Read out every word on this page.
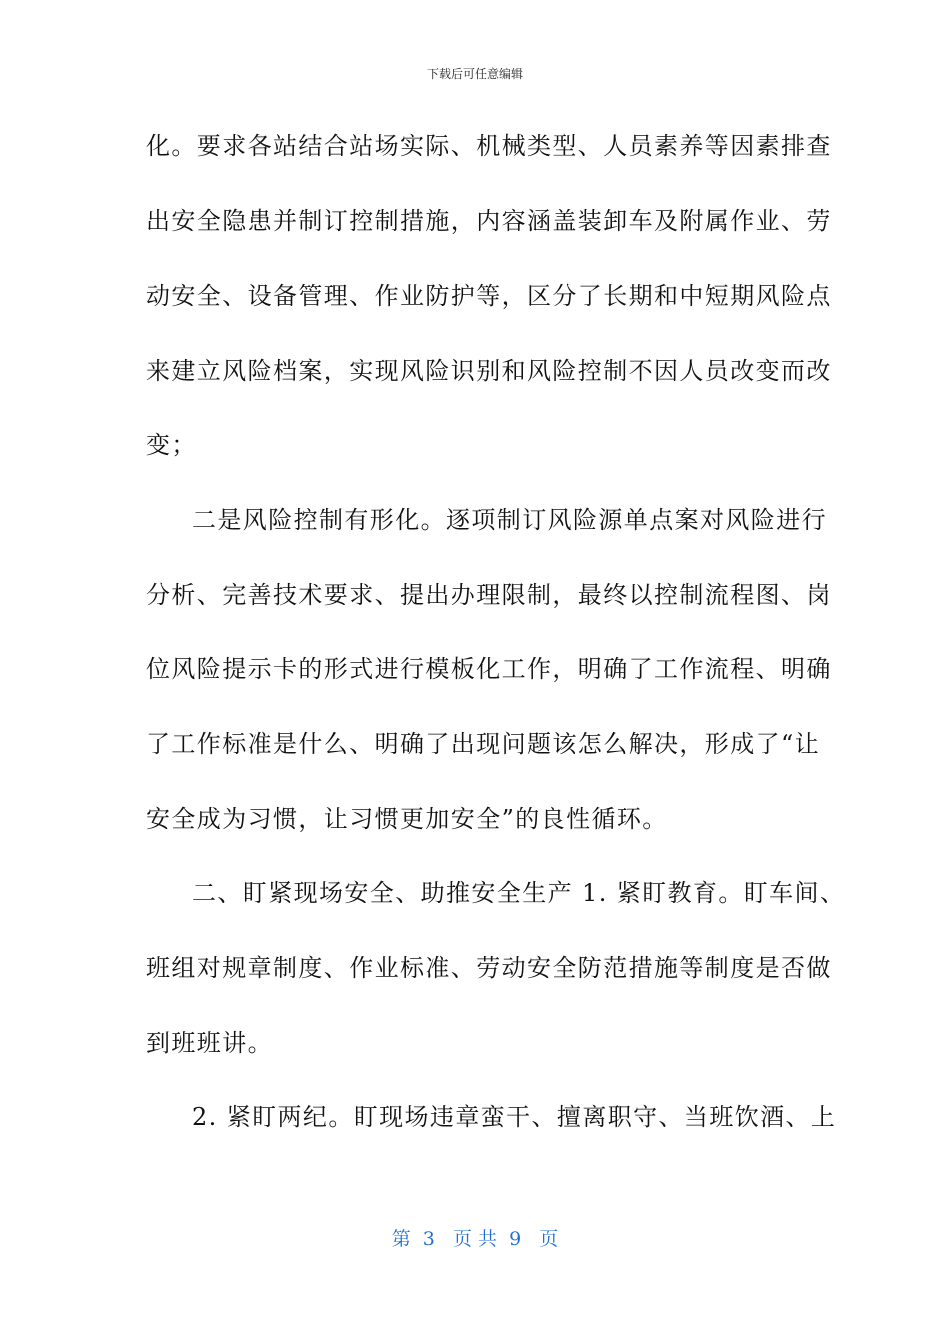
下载后可任意编辑
化。要求各站结合站场实际、机械类型、人员素养等因素排查
出安全隐患并制订控制措施，内容涵盖装卸车及附属作业、劳
动安全、设备管理、作业防护等，区分了长期和中短期风险点
来建立风险档案，实现风险识别和风险控制不因人员改变而改
变；
二是风险控制有形化。逐项制订风险源单点案对风险进行
分析、完善技术要求、提出办理限制，最终以控制流程图、岗
位风险提示卡的形式进行模板化工作，明确了工作流程、明确
了工作标准是什么、明确了出现问题该怎么解决，形成了“让
安全成为习惯，让习惯更加安全”的良性循环。
二、盯紧现场安全、助推安全生产 1. 紧盯教育。盯车间、
班组对规章制度、作业标准、劳动安全防范措施等制度是否做
到班班讲。
2. 紧盯两纪。盯现场违章蛮干、擅离职守、当班饮酒、上
第  3   页 共  9   页
